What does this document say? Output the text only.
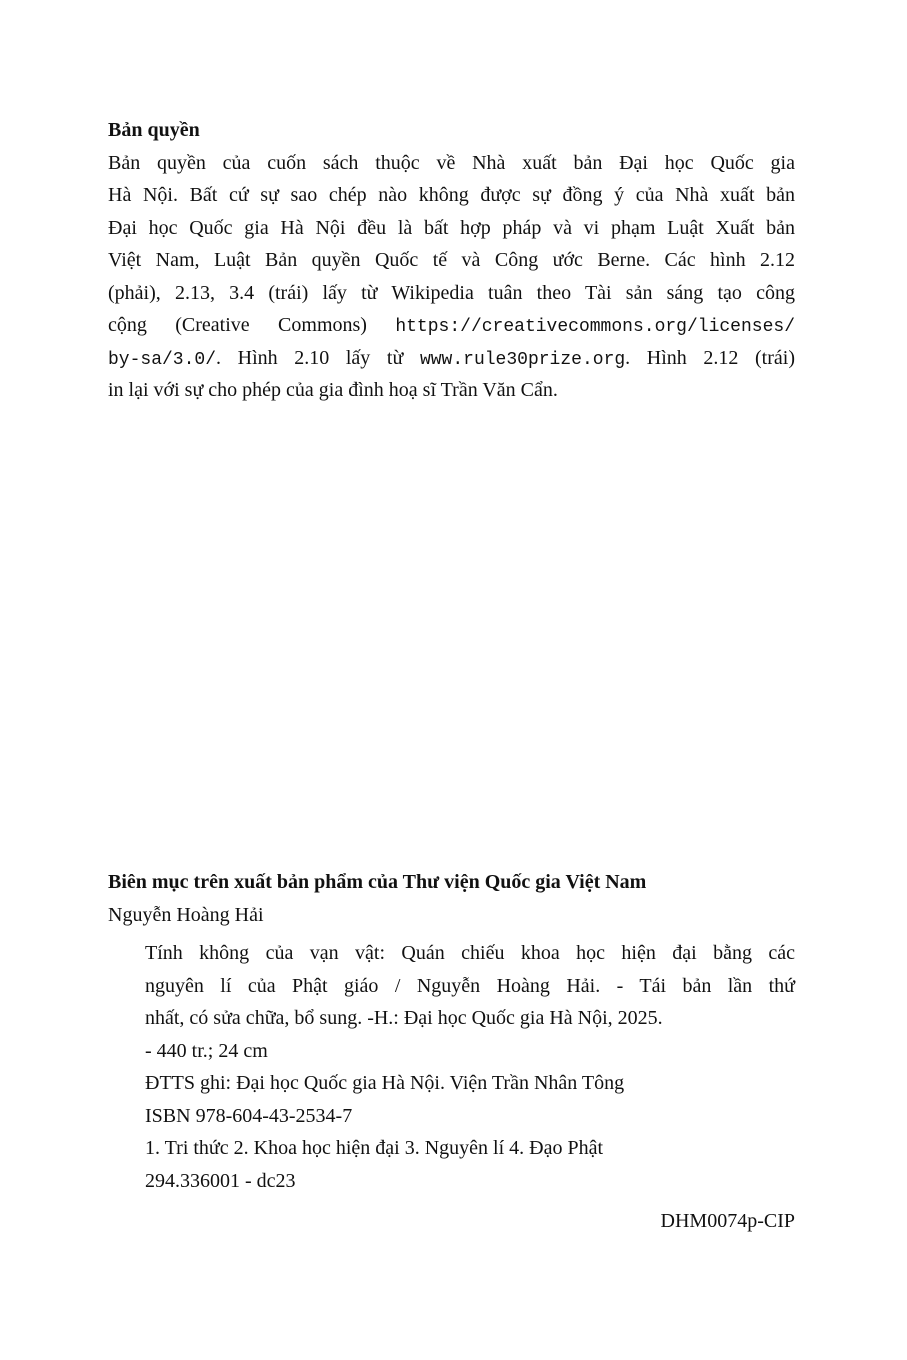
Bản quyền
Bản quyền của cuốn sách thuộc về Nhà xuất bản Đại học Quốc gia
Hà Nội. Bất cứ sự sao chép nào không được sự đồng ý của Nhà xuất bản
Đại học Quốc gia Hà Nội đều là bất hợp pháp và vi phạm Luật Xuất bản
Việt Nam, Luật Bản quyền Quốc tế và Công ước Berne. Các hình 2.12
(phải), 2.13, 3.4 (trái) lấy từ Wikipedia tuân theo Tài sản sáng tạo công
cộng (Creative Commons) https://creativecommons.org/licenses/
by-sa/3.0/. Hình 2.10 lấy từ www.rule30prize.org. Hình 2.12 (trái)
in lại với sự cho phép của gia đình hoạ sĩ Trần Văn Cẩn.
Biên mục trên xuất bản phẩm của Thư viện Quốc gia Việt Nam
Nguyễn Hoàng Hải
Tính không của vạn vật: Quán chiếu khoa học hiện đại bằng các
nguyên lí của Phật giáo / Nguyễn Hoàng Hải. - Tái bản lần thứ
nhất, có sửa chữa, bổ sung. -H.: Đại học Quốc gia Hà Nội, 2025.
- 440 tr.; 24 cm
ĐTTS ghi: Đại học Quốc gia Hà Nội. Viện Trần Nhân Tông
ISBN 978-604-43-2534-7
1. Tri thức 2. Khoa học hiện đại 3. Nguyên lí 4. Đạo Phật
294.336001 - dc23
DHM0074p-CIP
